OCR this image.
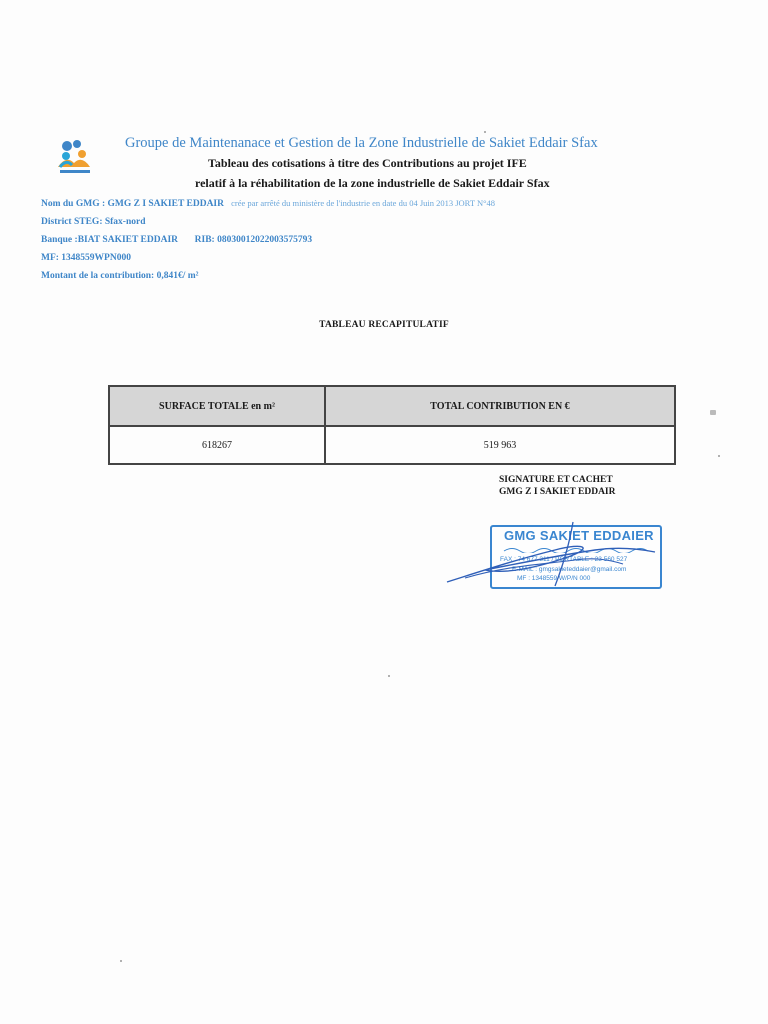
Groupe de Maintenanace et Gestion de la Zone Industrielle de Sakiet Eddair Sfax
Tableau des cotisations à titre des Contributions au projet IFE
relatif à la réhabilitation de la zone industrielle de Sakiet Eddair Sfax
Nom du GMG : GMG Z I SAKIET EDDAIR crée par arrêté du ministère de l'industrie en date du 04 Juin 2013 JORT N°48
District STEG: Sfax-nord
Banque :BIAT SAKIET EDDAIR RIB: 08030012022003575793
MF: 1348559WPN000
Montant de la contribution: 0,841€/ m²
TABLEAU RECAPITULATIF
SURFACE TOTALE en m²	TOTAL CONTRIBUTION EN €
618267	519 963
SIGNATURE ET CACHET
GMG Z I SAKIET EDDAIR
GMG SAKIET EDDAIER
FAX : 74 677 311 / PORTABLE : 23 560 527
E-MAIL : gmgsakieteddaier@gmail.com
MF : 1348559 W/P/N 000
